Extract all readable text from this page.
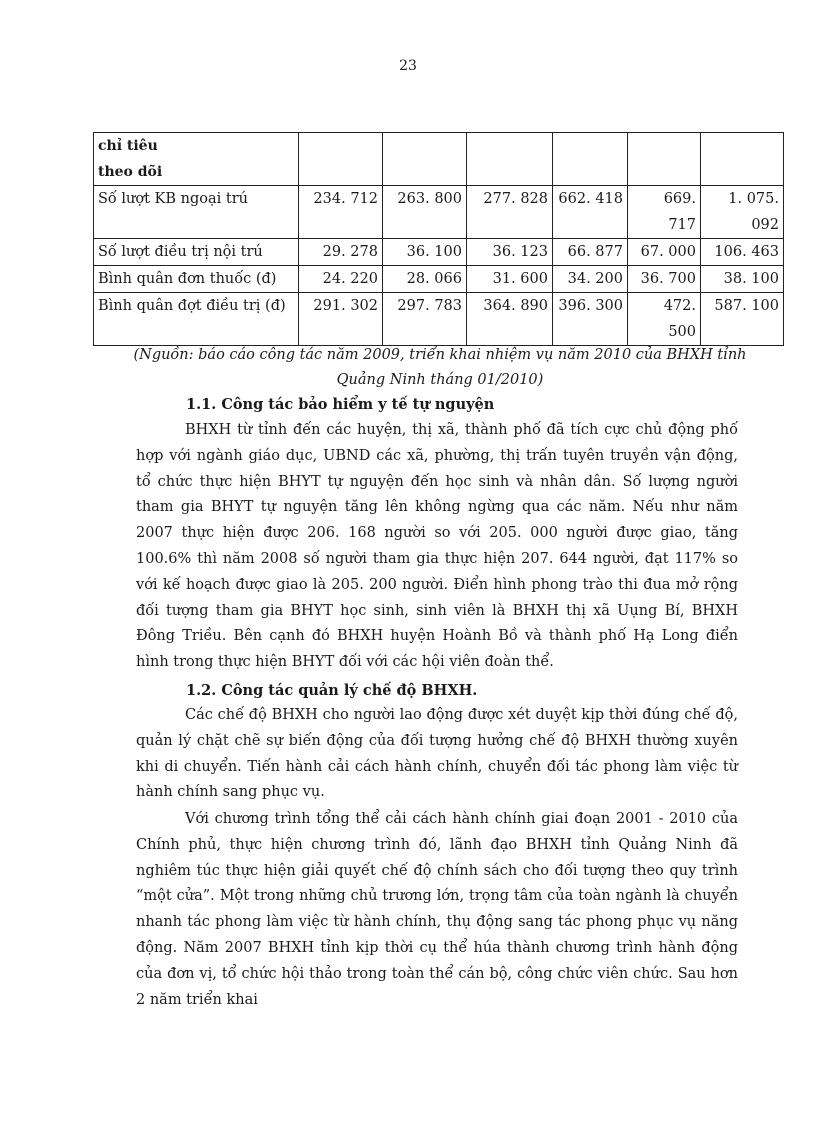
23
chỉ tiêu
theo dõi						

Số lượt KB ngoại trú	234. 712	263. 800	277. 828	662. 418	669. 717	1. 075. 092
Số lượt điều trị nội trú	29. 278	36. 100	36. 123	66. 877	67. 000	106. 463
Bình quân đơn thuốc (đ)	24. 220	28. 066	31. 600	34. 200	36. 700	38. 100
Bình quân đợt điều trị (đ)	291. 302	297. 783	364. 890	396. 300	472. 500	587. 100
(Nguồn: báo cáo công tác năm 2009, triển khai nhiệm vụ năm 2010 của BHXH tỉnh Quảng Ninh tháng 01/2010)
1.1. Công tác bảo hiểm y tế tự nguyện

BHXH từ tỉnh đến các huyện, thị xã, thành phố đã tích cực chủ động phố hợp với ngành giáo dục, UBND các xã, phường, thị trấn tuyên truyền vận động, tổ chức thực hiện BHYT tự nguyện đến học sinh và nhân dân. Số lượng người tham gia BHYT tự nguyện tăng lên không ngừng qua các năm. Nếu như năm 2007 thực hiện được 206. 168 người so với 205. 000 người được giao, tăng 100.6% thì năm 2008 số người tham gia thực hiện 207. 644 người, đạt 117% so với kế hoạch được giao là 205. 200 người. Điển hình phong trào thi đua mở rộng đối tượng tham gia BHYT học sinh, sinh viên là BHXH thị xã Uụng Bí, BHXH Đông Triều. Bên cạnh đó BHXH huyện Hoành Bồ và thành phố Hạ Long điển hình trong thực hiện BHYT đối với các hội viên đoàn thể.

1.2. Công tác quản lý chế độ BHXH.

Các chế độ BHXH cho người lao động được xét duyệt kịp thời đúng chế độ, quản lý chặt chẽ sự biến động của đối tượng hưởng chế độ BHXH thường xuyên khi di chuyển. Tiến hành cải cách hành chính, chuyển đối tác phong làm việc từ hành chính sang phục vụ.

Với chương trình tổng thể cải cách hành chính giai đoạn 2001 - 2010 của Chính phủ, thực hiện chương trình đó, lãnh đạo BHXH tỉnh Quảng Ninh đã nghiêm túc thực hiện giải quyết chế độ chính sách cho đối tượng theo quy trình “một cửa”. Một trong những chủ trương lớn, trọng tâm của toàn ngành là chuyển nhanh tác phong làm việc từ hành chính, thụ động sang tác phong phục vụ năng động. Năm 2007 BHXH tỉnh kịp thời cụ thể húa thành chương trình hành động của đơn vị, tổ chức hội thảo trong toàn thể cán bộ, công chức viên chức. Sau hơn 2 năm triển khai
